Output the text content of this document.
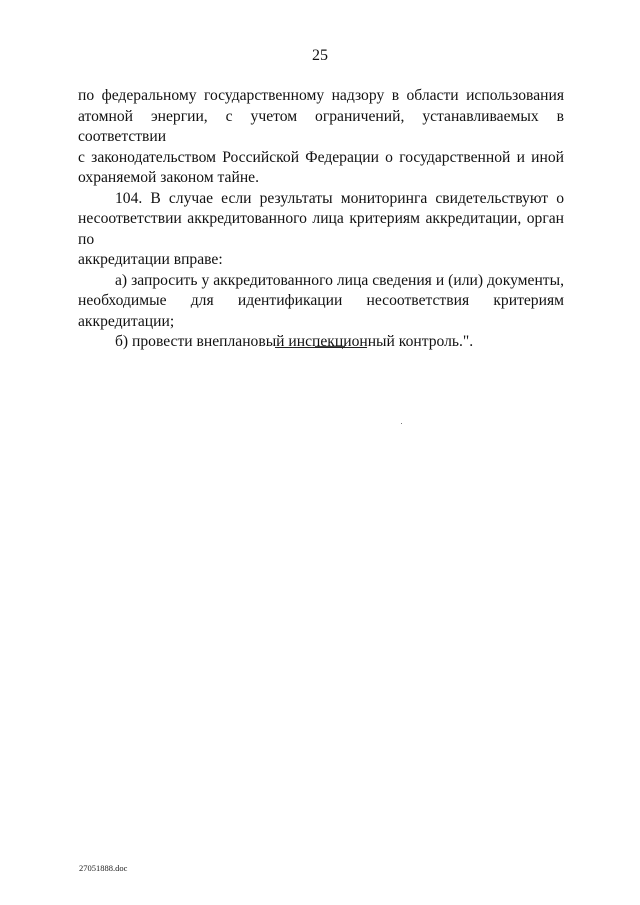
25

по федеральному государственному надзору в области использования
атомной энергии, с учетом ограничений, устанавливаемых в соответствии
с законодательством Российской Федерации о государственной и иной
охраняемой законом тайне.

104. В случае если результаты мониторинга свидетельствуют о
несоответствии аккредитованного лица критериям аккредитации, орган по
аккредитации вправе:

а) запросить у аккредитованного лица сведения и (или) документы,
необходимые для идентификации несоответствия критериям
аккредитации;

б) провести внеплановый инспекционный контроль.".

27051888.doc
